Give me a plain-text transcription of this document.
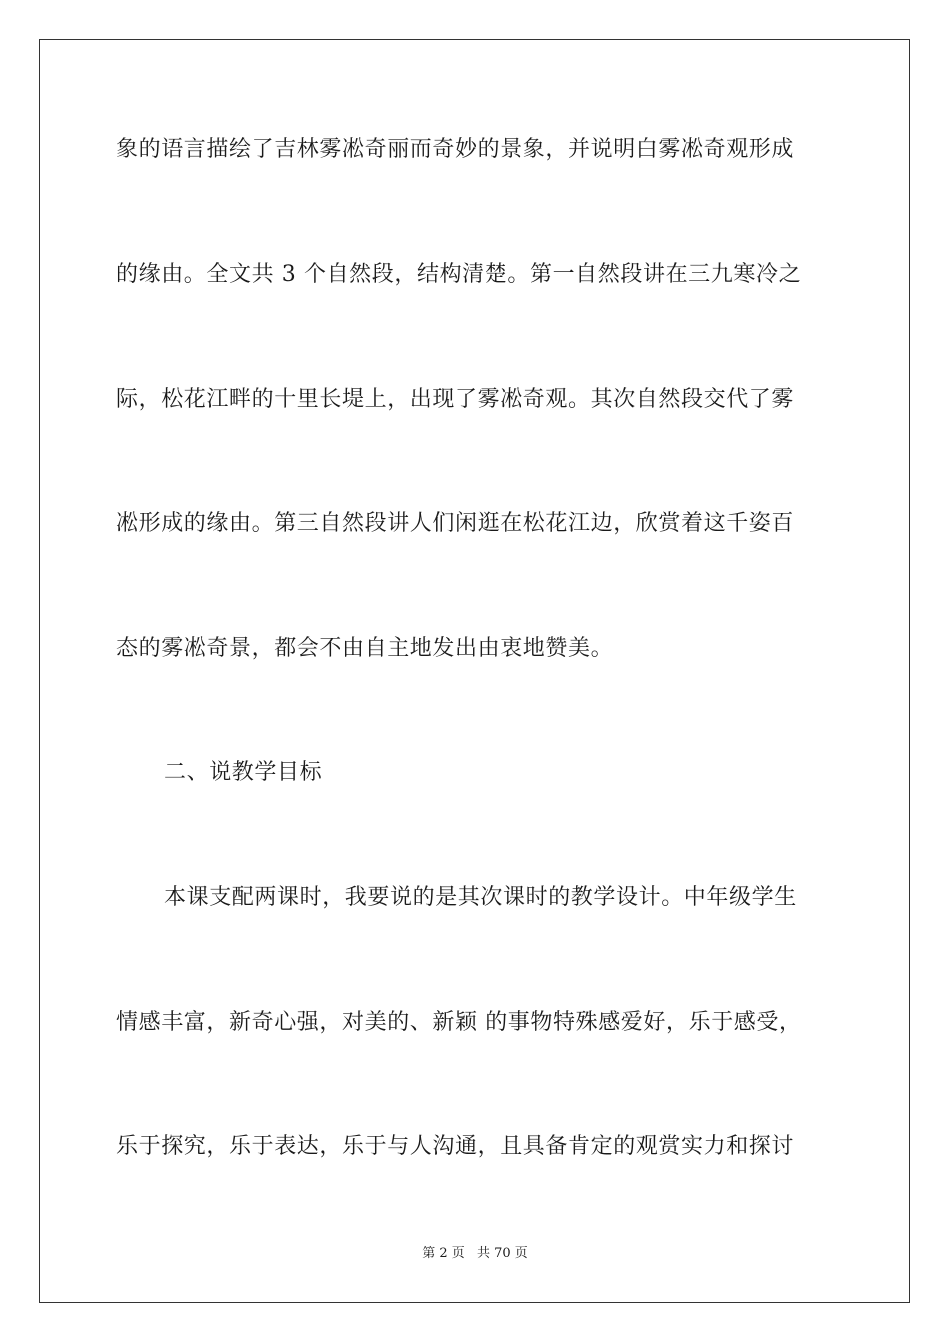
象的语言描绘了吉林雾凇奇丽而奇妙的景象，并说明白雾凇奇观形成
的缘由。全文共 3 个自然段，结构清楚。第一自然段讲在三九寒冷之
际，松花江畔的十里长堤上，出现了雾凇奇观。其次自然段交代了雾
凇形成的缘由。第三自然段讲人们闲逛在松花江边，欣赏着这千姿百
态的雾凇奇景，都会不由自主地发出由衷地赞美。
二、说教学目标
本课支配两课时，我要说的是其次课时的教学设计。中年级学生
情感丰富，新奇心强，对美的、新颖 的事物特殊感爱好，乐于感受，
乐于探究，乐于表达，乐于与人沟通，且具备肯定的观赏实力和探讨
第 2 页 共 70 页
